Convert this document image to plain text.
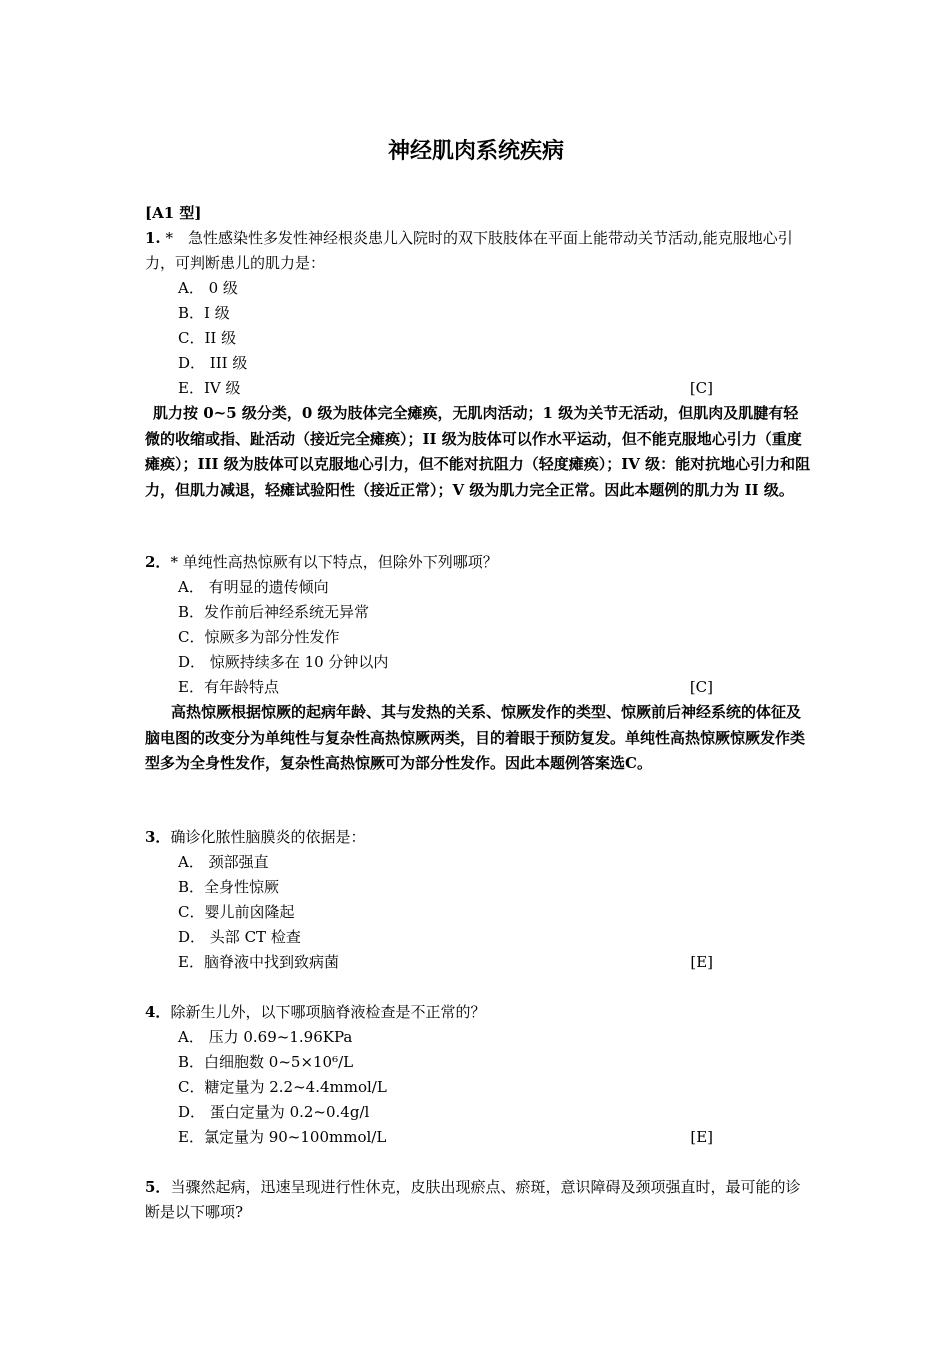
神经肌肉系统疾病
[A1 型]

1. *　急性感染性多发性神经根炎患儿入院时的双下肢肢体在平面上能带动关节活动,能克服地心引力，可判断患儿的肌力是：

A． 0 级
B．I 级
C．II 级
D． III 级
E．IV 级	[C]

肌力按 0~5 级分类，0 级为肢体完全瘫痪，无肌肉活动；1 级为关节无活动，但肌肉及肌腱有轻微的收缩或指、趾活动（接近完全瘫痪）；II 级为肢体可以作水平运动，但不能克服地心引力（重度瘫痪）；III 级为肢体可以克服地心引力，但不能对抗阻力（轻度瘫痪）；IV 级：能对抗地心引力和阻力，但肌力减退，轻瘫试验阳性（接近正常）；V 级为肌力完全正常。因此本题例的肌力为 II 级。

2．* 单纯性高热惊厥有以下特点，但除外下列哪项？

A． 有明显的遗传倾向
B．发作前后神经系统无异常
C．惊厥多为部分性发作
D． 惊厥持续多在 10 分钟以内
E．有年龄特点	[C]

高热惊厥根据惊厥的起病年龄、其与发热的关系、惊厥发作的类型、惊厥前后神经系统的体征及脑电图的改变分为单纯性与复杂性高热惊厥两类，目的着眼于预防复发。单纯性高热惊厥惊厥发作类型多为全身性发作，复杂性高热惊厥可为部分性发作。因此本题例答案选C。

3．确诊化脓性脑膜炎的依据是：

A． 颈部强直
B．全身性惊厥
C．婴儿前囟隆起
D． 头部 CT 检查
E．脑脊液中找到致病菌	[E]

4．除新生儿外，以下哪项脑脊液检查是不正常的？

A． 压力 0.69~1.96KPa
B．白细胞数 0~5×10⁶/L
C．糖定量为 2.2~4.4mmol/L
D． 蛋白定量为 0.2~0.4g/l
E．氯定量为 90~100mmol/L	[E]

5．当骤然起病，迅速呈现进行性休克，皮肤出现瘀点、瘀斑，意识障碍及颈项强直时，最可能的诊断是以下哪项?
